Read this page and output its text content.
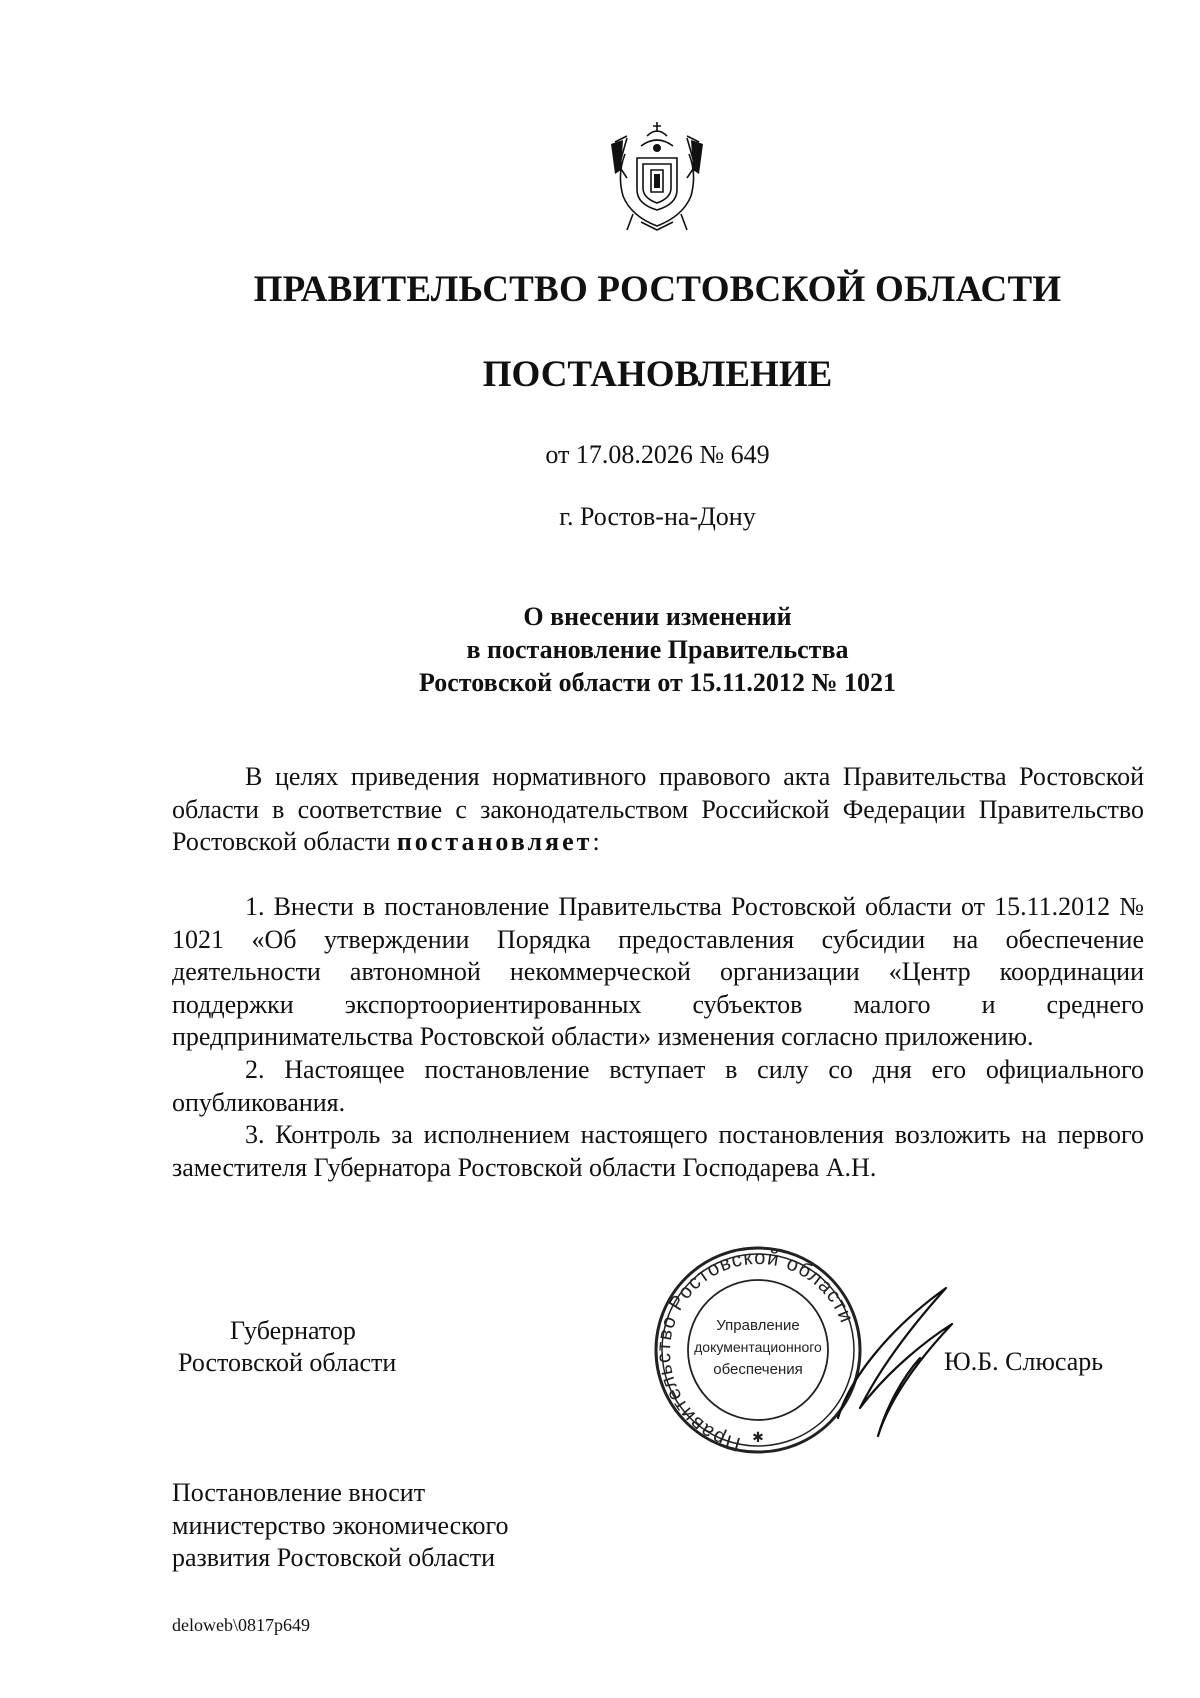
ПРАВИТЕЛЬСТВО РОСТОВСКОЙ ОБЛАСТИ
ПОСТАНОВЛЕНИЕ
от 17.08.2026 № 649
г. Ростов-на-Дону
О внесении изменений
в постановление Правительства
Ростовской области от 15.11.2012 № 1021

В целях приведения нормативного правового акта Правительства Ростовской области в соответствие с законодательством Российской Федерации Правительство Ростовской области постановляет:

1. Внести в постановление Правительства Ростовской области от 15.11.2012 № 1021 «Об утверждении Порядка предоставления субсидии на обеспечение деятельности автономной некоммерческой организации «Центр координации поддержки экспортоориентированных субъектов малого и среднего предпринимательства Ростовской области» изменения согласно приложению.

2. Настоящее постановление вступает в силу со дня его официального опубликования.

3. Контроль за исполнением настоящего постановления возложить на первого заместителя Губернатора Ростовской области Господарева А.Н.

Губернатор
Ростовской области
Правительство Ростовской области
Управление
документационного
обеспечения
✱
Ю.Б. Слюсарь
Постановление вносит
министерство экономического
развития Ростовской области
deloweb\0817p649
